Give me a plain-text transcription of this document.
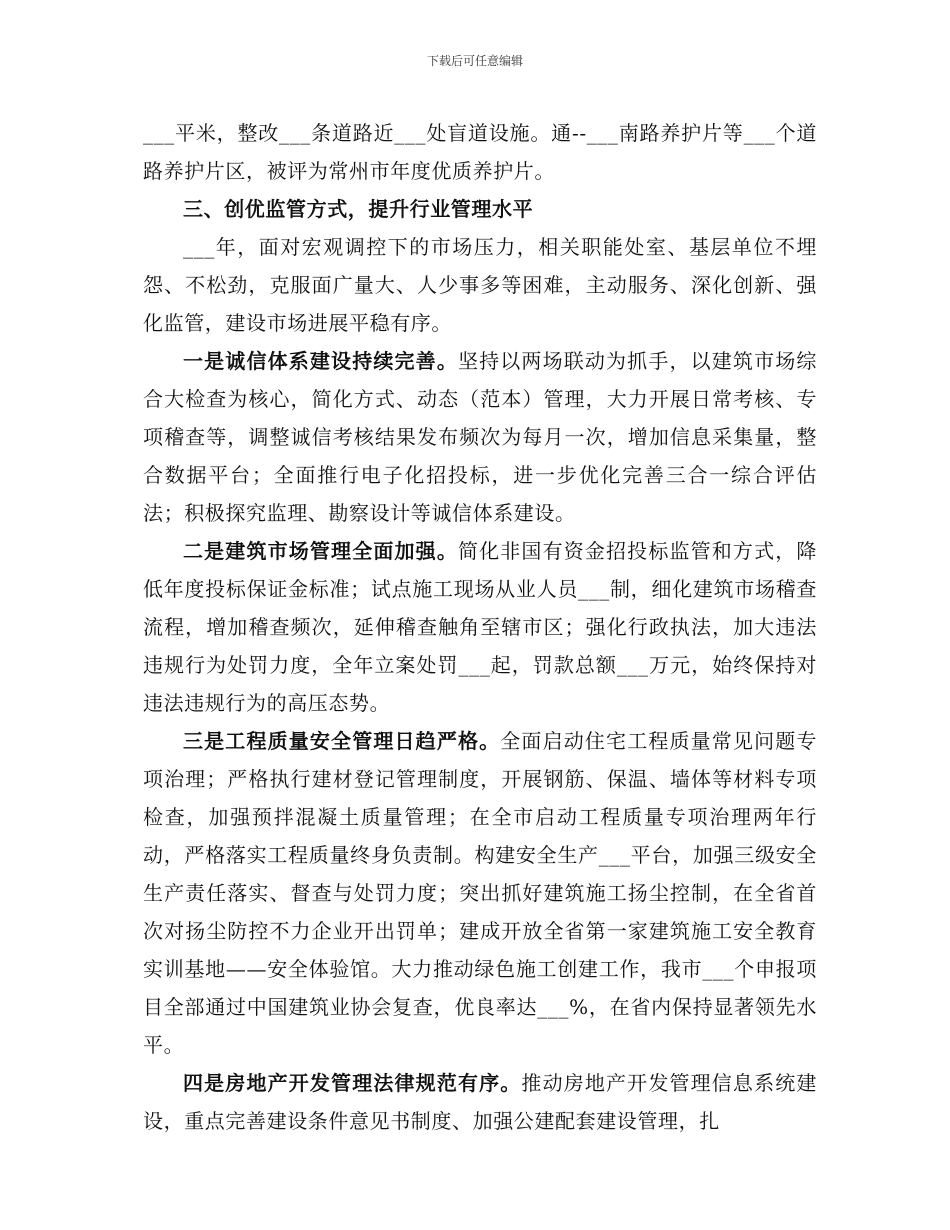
下载后可任意编辑

___平米，整改___条道路近___处盲道设施。通--___南路养护片等___个道路养护片区，被评为常州市年度优质养护片。

三、创优监管方式，提升行业管理水平

___年，面对宏观调控下的市场压力，相关职能处室、基层单位不埋怨、不松劲，克服面广量大、人少事多等困难，主动服务、深化创新、强化监管，建设市场进展平稳有序。

一是诚信体系建设持续完善。坚持以两场联动为抓手，以建筑市场综合大检查为核心，简化方式、动态（范本）管理，大力开展日常考核、专项稽查等，调整诚信考核结果发布频次为每月一次，增加信息采集量，整合数据平台；全面推行电子化招投标，进一步优化完善三合一综合评估法；积极探究监理、勘察设计等诚信体系建设。

二是建筑市场管理全面加强。简化非国有资金招投标监管和方式，降低年度投标保证金标准；试点施工现场从业人员___制，细化建筑市场稽查流程，增加稽查频次，延伸稽查触角至辖市区；强化行政执法，加大违法违规行为处罚力度，全年立案处罚___起，罚款总额___万元，始终保持对违法违规行为的高压态势。

三是工程质量安全管理日趋严格。全面启动住宅工程质量常见问题专项治理；严格执行建材登记管理制度，开展钢筋、保温、墙体等材料专项检查，加强预拌混凝土质量管理；在全市启动工程质量专项治理两年行动，严格落实工程质量终身负责制。构建安全生产___平台，加强三级安全生产责任落实、督查与处罚力度；突出抓好建筑施工扬尘控制，在全省首次对扬尘防控不力企业开出罚单；建成开放全省第一家建筑施工安全教育实训基地——安全体验馆。大力推动绿色施工创建工作，我市___个申报项目全部通过中国建筑业协会复查，优良率达___%，在省内保持显著领先水平。

四是房地产开发管理法律规范有序。推动房地产开发管理信息系统建设，重点完善建设条件意见书制度、加强公建配套建设管理，扎
